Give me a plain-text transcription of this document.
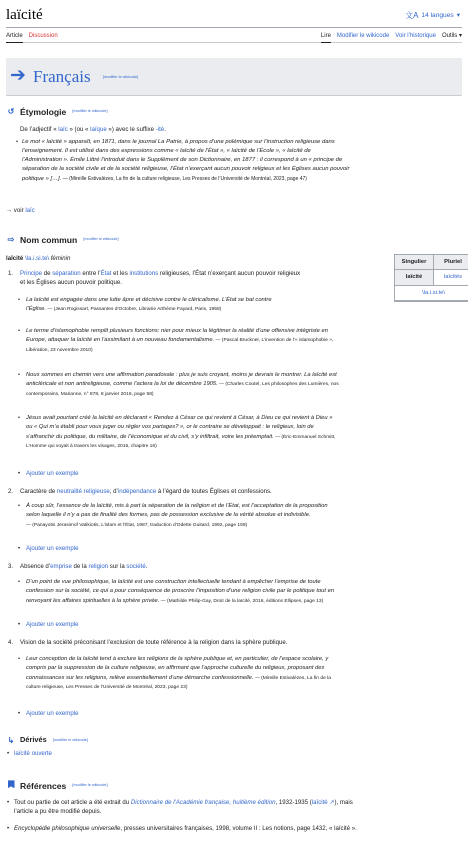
laïcité	文A 14 langues ▾
Article Discussion	Lire Modifier le wikicode Voir l’historique Outils ▾
➔ Français	[modifier le wikicode]
↺ Étymologie [modifier le wikicode]
De l’adjectif « laïc » (ou « laïque ») avec le suffixe -ité.
• Le mot « laïcité » apparaît, en 1871, dans le journal La Patrie, à propos d’une polémique sur l’instruction religieuse dans
l’enseignement. Il est utilisé dans des expressions comme « laïcité de l’État », « laïcité de l’École », « laïcité de
l’Administration ». Émile Littré l’introduit dans le Supplément de son Dictionnaire, en 1877 : il correspond à un « principe de
séparation de la société civile et de la société religieuse, l’État n’exerçant aucun pouvoir religieux et les Églises aucun pouvoir
politique » […]. — (Mireille Estivalèzes, La fin de la culture religieuse, Les Presses de l’Université de Montréal, 2023, page 47)
→ voir laïc
⇨ Nom commun [modifier le wikicode]
laïcité \la.i.si.te\ féminin	Singulier	Pluriel
laïcité	laïcités
\la.i.si.te\
1. Principe de séparation entre l’État et les institutions religieuses, l’État n’exerçant aucun pouvoir religieux
et les Églises aucun pouvoir politique.
• La laïcité est engagée dans une lutte âpre et décisive contre le cléricalisme. L’État se bat contre
l’Église. — (Jean Rogissart, Passantes d’Octobre, Librairie Arthème Fayard, Paris, 1958)
• Le terme d’islamophobie remplit plusieurs fonctions: nier pour mieux la légitimer la réalité d’une offensive intégriste en
Europe, attaquer la laïcité en l’assimilant à un nouveau fondamentalisme. — (Pascal Bruckner, L’invention de l’« islamophobie »,
Libération, 23 novembre 2010)
• Nous sommes en chemin vers une affirmation paradoxale : plus je suis croyant, moins je devrais le montrer. La laïcité est
anticléricale et non antireligieuse, comme l’actera la loi de décembre 1905. — (Charles Coutel, Les philosophes des Lumières, nos
contemporains, Marianne, n° 878, 8 janvier 2016, page 58)
• Jésus avait pourtant créé la laïcité en déclarant « Rendez à César ce qui revient à César, à Dieu ce qui revient à Dieu »
ou « Qui m’a établi pour vous juger ou régler vos partages? », or le contraire se développait : le religieux, loin de
s’affranchir du politique, du militaire, de l’économique et du civil, s’y infiltrait, voire les préemptait. — (Éric-Emmanuel Schmitt,
L’Homme qui voyait à travers les visages, 2016, chapitre 16)
• Ajouter un exemple
2. Caractère de neutralité religieuse, d’indépendance à l’égard de toutes Églises et confessions.
• À coup sûr, l’essence de la laïcité, mis à part la séparation de la religion et de l’État, est l’acceptation de la proposition
selon laquelle il n’y a pas de finalité des formes, pas de possession exclusive de la vérité absolue et indivisible.
— (Panayotis Jerasimof Vatikiotis, L’islam et l’État, 1987, traduction d’Odette Guitard, 1992, page 159)
• Ajouter un exemple
3. Absence d’emprise de la religion sur la société.
• D’un point de vue philosophique, la laïcité est une construction intellectuelle tendant à empêcher l’emprise de toute
confession sur la société, ce qui a pour conséquence de proscrire l’imposition d’une religion civile par le politique tout en
renvoyant les affaires spirituelles à la sphère privée. — (Mathilde Philip-Gay, Droit de la laïcité, 2016, éditions Ellipses, page 13)
• Ajouter un exemple
4. Vision de la société préconisant l’exclusion de toute référence à la religion dans la sphère publique.
• Leur conception de la laïcité tend à exclure les religions de la sphère publique et, en particulier, de l’espace scolaire, y
compris par la suppression de la culture religieuse, en affirmant que l’approche culturelle du religieux, proposant des
connaissances sur les religions, relève essentiellement d’une démarche confessionnelle. — (Mireille Estivalèzes, La fin de la
culture religieuse, Les Presses de l’Université de Montréal, 2023, page 23)
• Ajouter un exemple
↳ Dérivés [modifier le wikicode]
• laïcité ouverte
Références [modifier le wikicode]
• Tout ou partie de cet article a été extrait du Dictionnaire de l’Académie française, huitième édition, 1932-1935 (laïcité ↗), mais
l’article a pu être modifié depuis.
• Encyclopédie philosophique universelle, presses universitaires françaises, 1998, volume II : Les notions, page 1432, « laïcité ».
